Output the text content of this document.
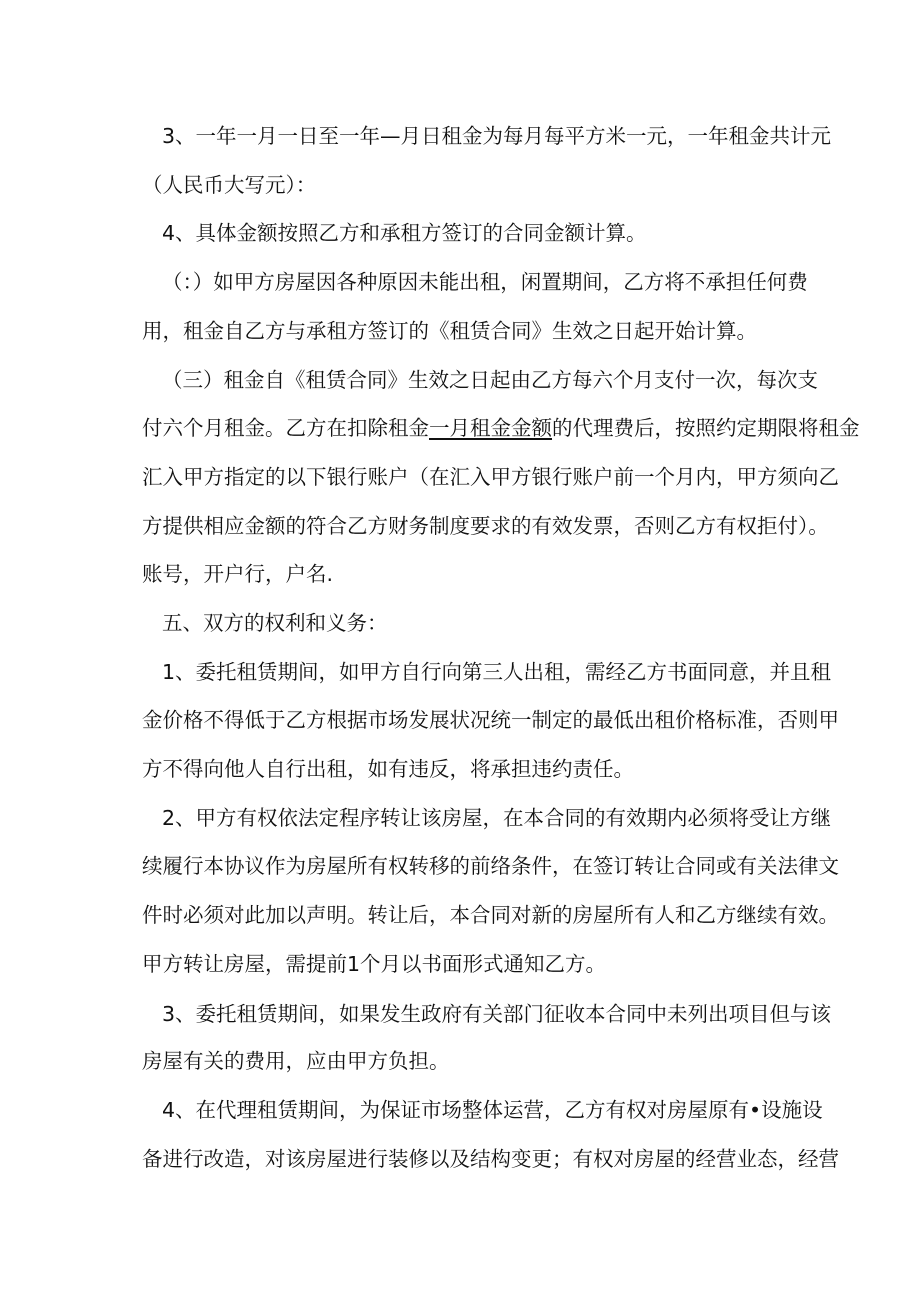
3、一年一月一日至一年—月日租金为每月每平方米一元，一年租金共计元
（人民币大写元）：
4、具体金额按照乙方和承租方签订的合同金额计算。
（：）如甲方房屋因各种原因未能出租，闲置期间，乙方将不承担任何费
用，租金自乙方与承租方签订的《租赁合同》生效之日起开始计算。
（三）租金自《租赁合同》生效之日起由乙方每六个月支付一次，每次支
付六个月租金。乙方在扣除租金一月租金金额的代理费后，按照约定期限将租金
汇入甲方指定的以下银行账户（在汇入甲方银行账户前一个月内，甲方须向乙
方提供相应金额的符合乙方财务制度要求的有效发票，否则乙方有权拒付）。
账号，开户行，户名.
五、双方的权利和义务：
1、委托租赁期间，如甲方自行向第三人出租，需经乙方书面同意，并且租
金价格不得低于乙方根据市场发展状况统一制定的最低出租价格标准，否则甲
方不得向他人自行出租，如有违反，将承担违约责任。
2、甲方有权依法定程序转让该房屋，在本合同的有效期内必须将受让方继
续履行本协议作为房屋所有权转移的前络条件，在签订转让合同或有关法律文
件时必须对此加以声明。转让后，本合同对新的房屋所有人和乙方继续有效。
甲方转让房屋，需提前1个月以书面形式通知乙方。
3、委托租赁期间，如果发生政府有关部门征收本合同中未列出项目但与该
房屋有关的费用，应由甲方负担。
4、在代理租赁期间，为保证市场整体运营，乙方有权对房屋原有•设施设
备进行改造，对该房屋进行装修以及结构变更；有权对房屋的经营业态，经营
